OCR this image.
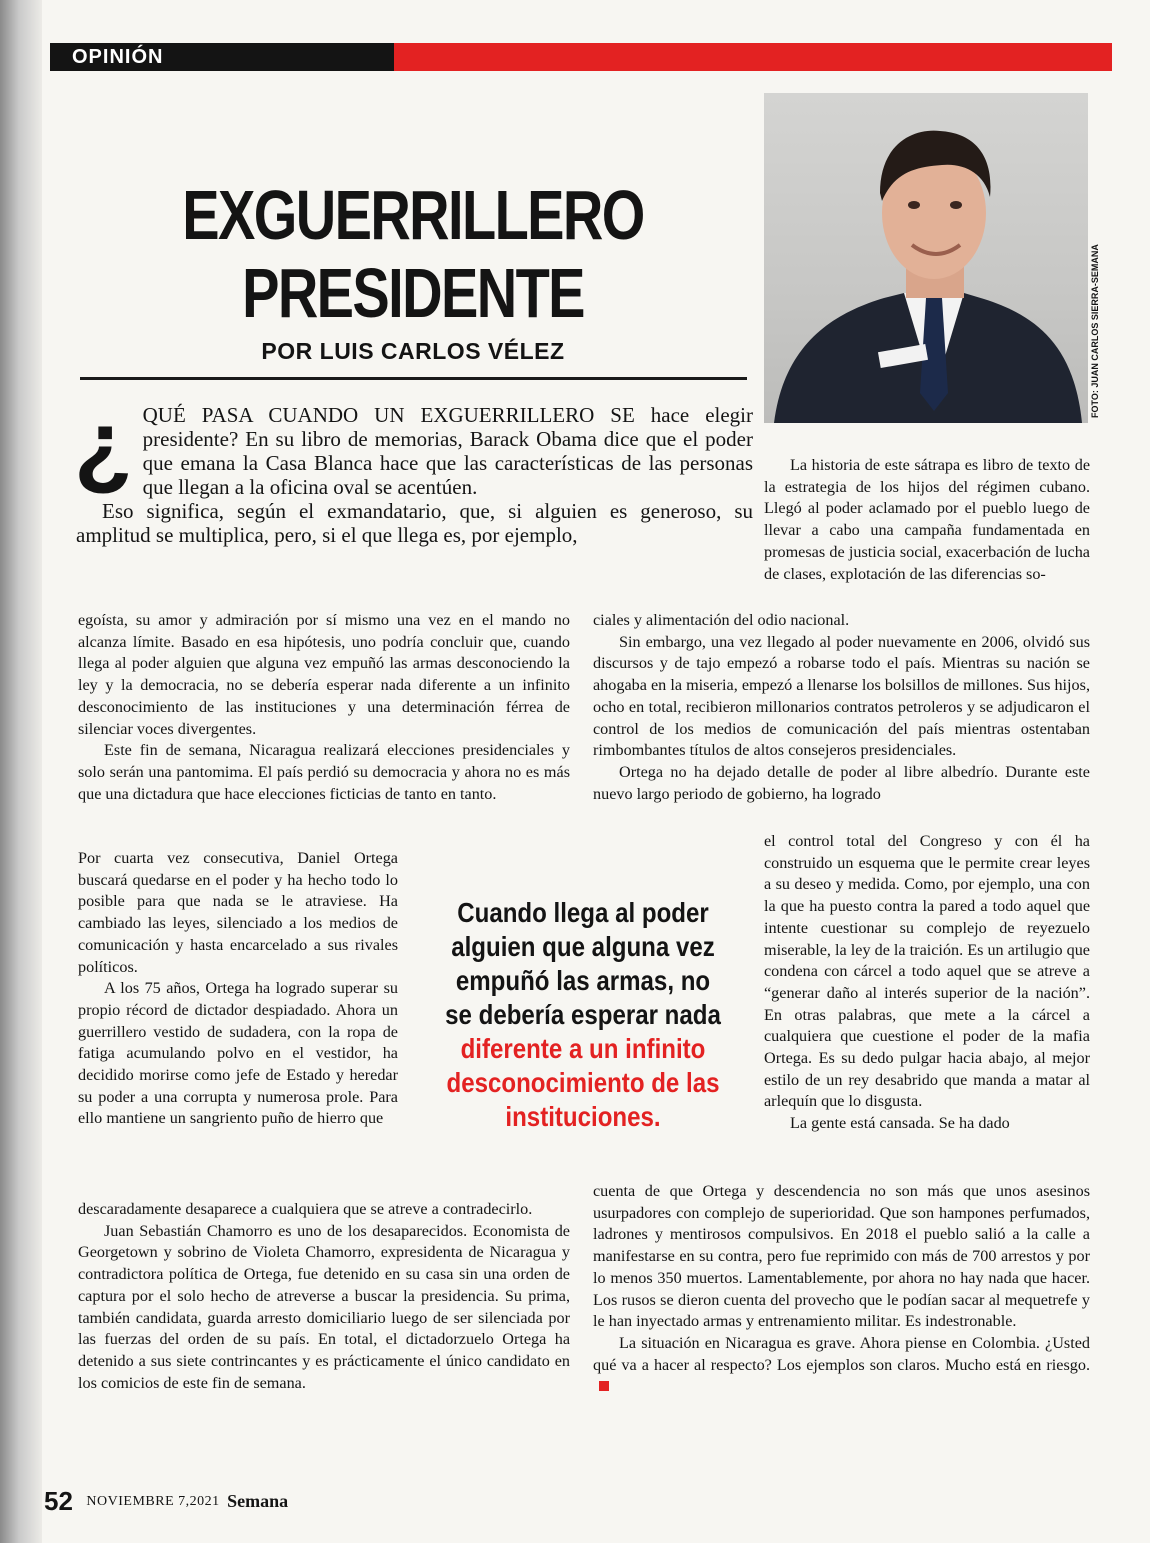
OPINIÓN
FOTO: JUAN CARLOS SIERRA-SEMANA
EXGUERRILLERO PRESIDENTE
POR LUIS CARLOS VÉLEZ
¿ QUÉ PASA CUANDO UN EXGUERRILLERO SE hace elegir presidente? En su libro de memorias, Barack Obama dice que el poder que emana la Casa Blanca hace que las características de las personas que llegan a la oficina oval se acentúen.
Eso significa, según el exmandatario, que, si alguien es generoso, su amplitud se multiplica, pero, si el que llega es, por ejemplo,
La historia de este sátrapa es libro de texto de la estrategia de los hijos del régimen cubano. Llegó al poder aclamado por el pueblo luego de llevar a cabo una campaña fundamentada en promesas de justicia social, exacerbación de lucha de clases, explotación de las diferencias so-
egoísta, su amor y admiración por sí mismo una vez en el mando no alcanza límite. Basado en esa hipótesis, uno podría concluir que, cuando llega al poder alguien que alguna vez empuñó las armas desconociendo la ley y la democracia, no se debería esperar nada diferente a un infinito desconocimiento de las instituciones y una determinación férrea de silenciar voces divergentes.
Este fin de semana, Nicaragua realizará elecciones presidenciales y solo serán una pantomima. El país perdió su democracia y ahora no es más que una dictadura que hace elecciones ficticias de tanto en tanto.
Por cuarta vez consecutiva, Daniel Ortega buscará quedarse en el poder y ha hecho todo lo posible para que nada se le atraviese. Ha cambiado las leyes, silenciado a los medios de comunicación y hasta encarcelado a sus rivales políticos.
A los 75 años, Ortega ha logrado superar su propio récord de dictador despiadado. Ahora un guerrillero vestido de sudadera, con la ropa de fatiga acumulando polvo en el vestidor, ha decidido morirse como jefe de Estado y heredar su poder a una corrupta y numerosa prole. Para ello mantiene un sangriento puño de hierro que
descaradamente desaparece a cualquiera que se atreve a contradecirlo.
Juan Sebastián Chamorro es uno de los desaparecidos. Economista de Georgetown y sobrino de Violeta Chamorro, expresidenta de Nicaragua y contradictora política de Ortega, fue detenido en su casa sin una orden de captura por el solo hecho de atreverse a buscar la presidencia. Su prima, también candidata, guarda arresto domiciliario luego de ser silenciada por las fuerzas del orden de su país. En total, el dictadorzuelo Ortega ha detenido a sus siete contrincantes y es prácticamente el único candidato en los comicios de este fin de semana.
ciales y alimentación del odio nacional.
Sin embargo, una vez llegado al poder nuevamente en 2006, olvidó sus discursos y de tajo empezó a robarse todo el país. Mientras su nación se ahogaba en la miseria, empezó a llenarse los bolsillos de millones. Sus hijos, ocho en total, recibieron millonarios contratos petroleros y se adjudicaron el control de los medios de comunicación del país mientras ostentaban rimbombantes títulos de altos consejeros presidenciales.
Ortega no ha dejado detalle de poder al libre albedrío. Durante este nuevo largo periodo de gobierno, ha logrado
el control total del Congreso y con él ha construido un esquema que le permite crear leyes a su deseo y medida. Como, por ejemplo, una con la que ha puesto contra la pared a todo aquel que intente cuestionar su complejo de reyezuelo miserable, la ley de la traición. Es un artilugio que condena con cárcel a todo aquel que se atreve a “generar daño al interés superior de la nación”. En otras palabras, que mete a la cárcel a cualquiera que cuestione el poder de la mafia Ortega. Es su dedo pulgar hacia abajo, al mejor estilo de un rey desabrido que manda a matar al arlequín que lo disgusta.
La gente está cansada. Se ha dado
cuenta de que Ortega y descendencia no son más que unos asesinos usurpadores con complejo de superioridad. Que son hampones perfumados, ladrones y mentirosos compulsivos. En 2018 el pueblo salió a la calle a manifestarse en su contra, pero fue reprimido con más de 700 arrestos y por lo menos 350 muertos. Lamentablemente, por ahora no hay nada que hacer. Los rusos se dieron cuenta del provecho que le podían sacar al mequetrefe y le han inyectado armas y entrenamiento militar. Es indestronable.
La situación en Nicaragua es grave. Ahora piense en Colombia. ¿Usted qué va a hacer al respecto? Los ejemplos son claros. Mucho está en riesgo.
Cuando llega al poder alguien que alguna vez empuñó las armas, no se debería esperar nada
diferente a un infinito desconocimiento de las instituciones.
52 NOVIEMBRE 7,2021 Semana
